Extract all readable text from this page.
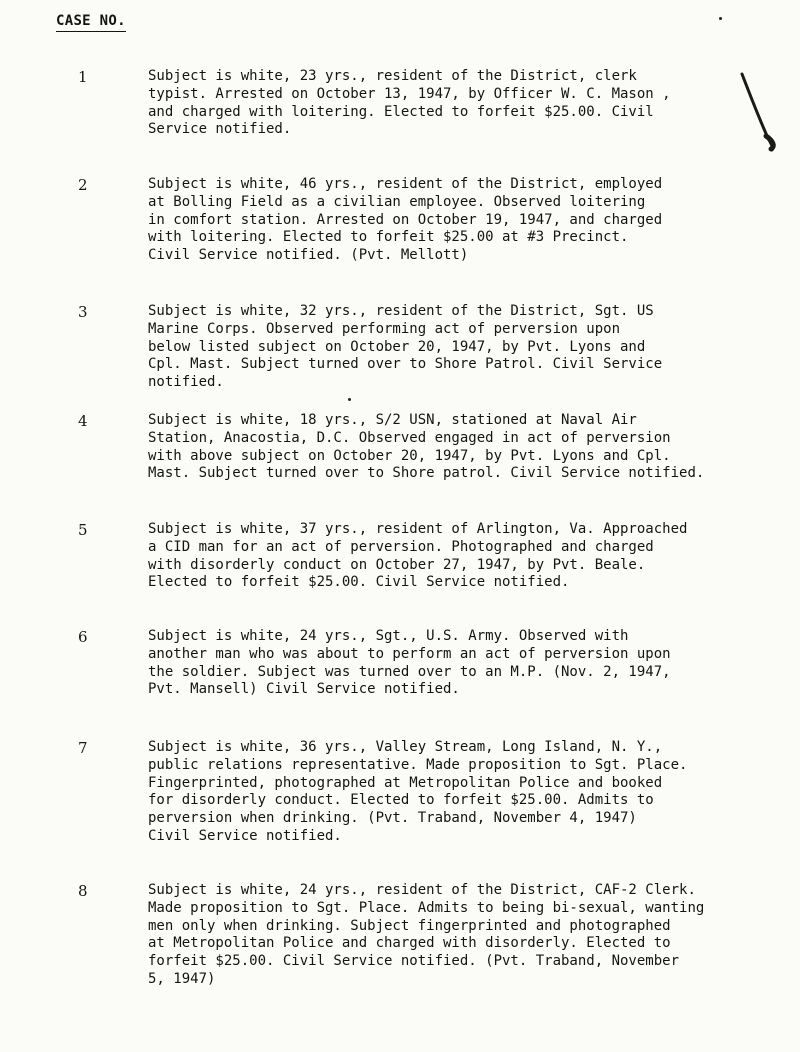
CASE NO.
1	Subject is white, 23 yrs., resident of the District, clerk
typist. Arrested on October 13, 1947, by Officer W. C. Mason ,
and charged with loitering. Elected to forfeit $25.00. Civil
Service notified.
2	Subject is white, 46 yrs., resident of the District, employed
at Bolling Field as a civilian employee. Observed loitering
in comfort station. Arrested on October 19, 1947, and charged
with loitering. Elected to forfeit $25.00 at #3 Precinct.
Civil Service notified. (Pvt. Mellott)
3	Subject is white, 32 yrs., resident of the District, Sgt. US
Marine Corps. Observed performing act of perversion upon
below listed subject on October 20, 1947, by Pvt. Lyons and
Cpl. Mast. Subject turned over to Shore Patrol. Civil Service
notified.
4	Subject is white, 18 yrs., S/2 USN, stationed at Naval Air
Station, Anacostia, D.C. Observed engaged in act of perversion
with above subject on October 20, 1947, by Pvt. Lyons and Cpl.
Mast. Subject turned over to Shore patrol. Civil Service notified.
5	Subject is white, 37 yrs., resident of Arlington, Va. Approached
a CID man for an act of perversion. Photographed and charged
with disorderly conduct on October 27, 1947, by Pvt. Beale.
Elected to forfeit $25.00. Civil Service notified.
6	Subject is white, 24 yrs., Sgt., U.S. Army. Observed with
another man who was about to perform an act of perversion upon
the soldier. Subject was turned over to an M.P. (Nov. 2, 1947,
Pvt. Mansell) Civil Service notified.
7	Subject is white, 36 yrs., Valley Stream, Long Island, N. Y.,
public relations representative. Made proposition to Sgt. Place.
Fingerprinted, photographed at Metropolitan Police and booked
for disorderly conduct. Elected to forfeit $25.00. Admits to
perversion when drinking. (Pvt. Traband, November 4, 1947)
Civil Service notified.
8	Subject is white, 24 yrs., resident of the District, CAF-2 Clerk.
Made proposition to Sgt. Place. Admits to being bi-sexual, wanting
men only when drinking. Subject fingerprinted and photographed
at Metropolitan Police and charged with disorderly. Elected to
forfeit $25.00. Civil Service notified. (Pvt. Traband, November
5, 1947)
